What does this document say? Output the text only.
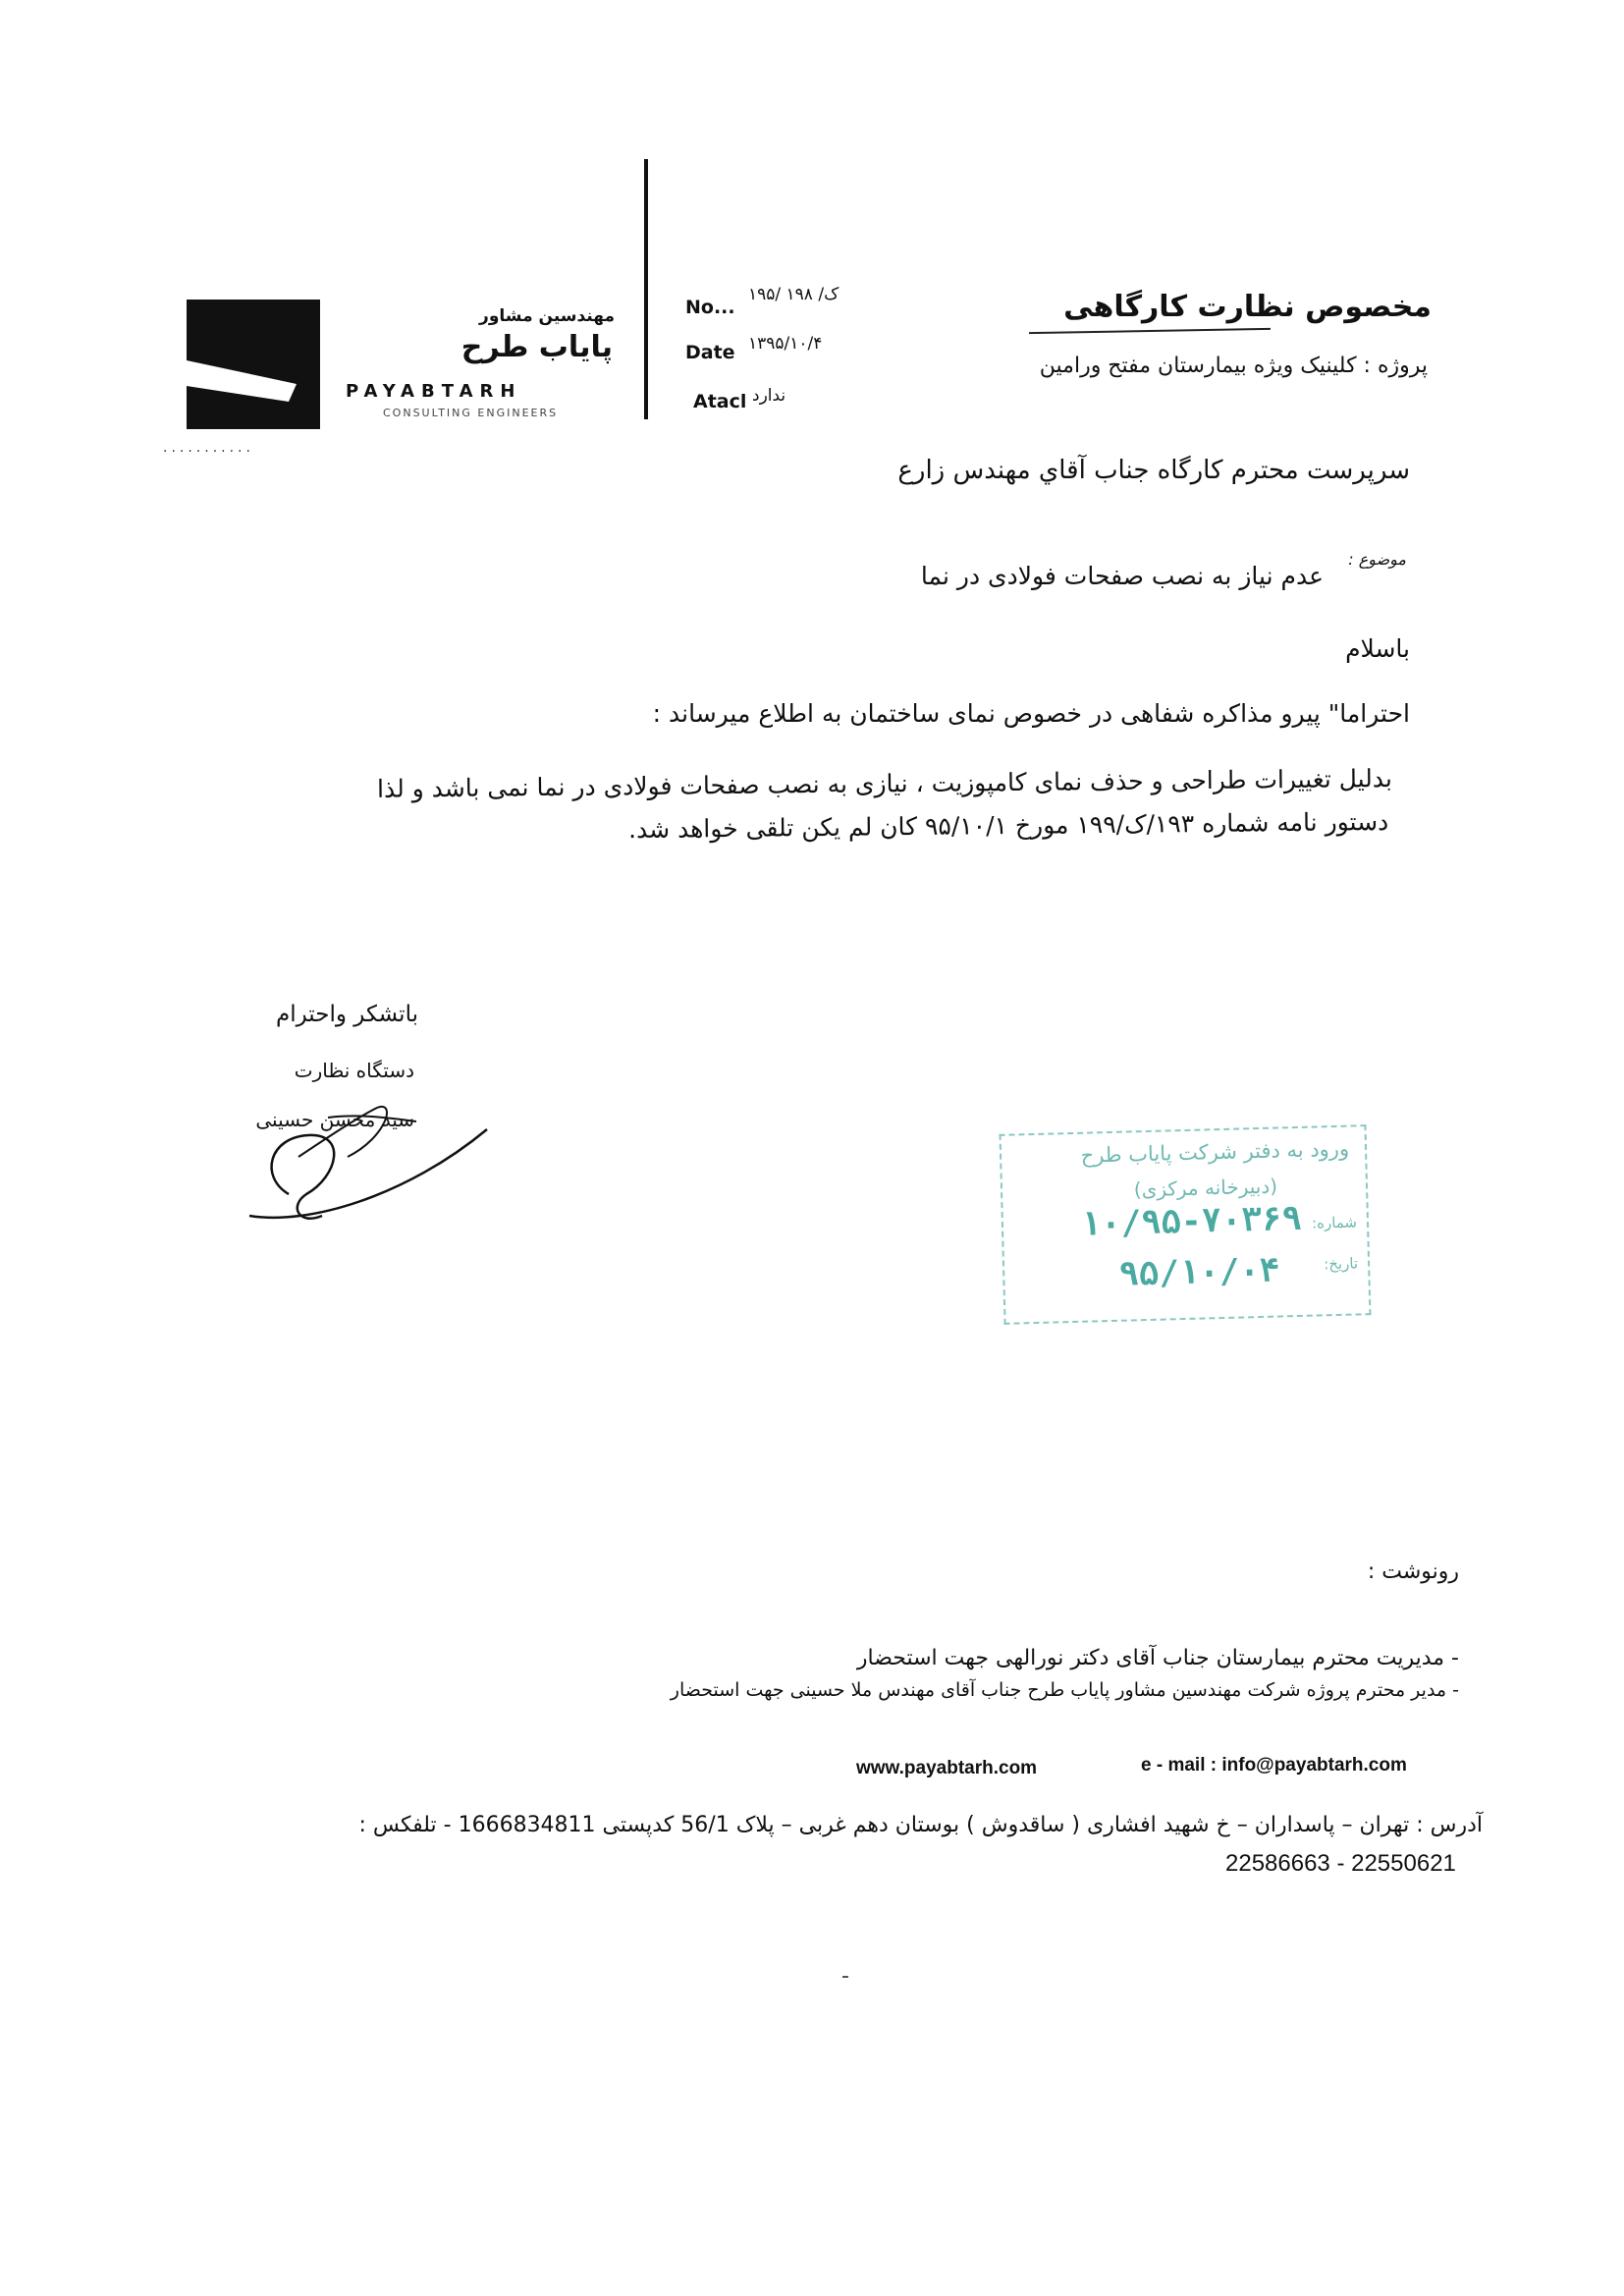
مهندسین مشاور
پایاب طرح
PAYABTARH
CONSULTING ENGINEERS
...........
No...
۱۹۵/ ک/ ۱۹۸
Date ۱۳۹۵/۱۰/۴
Atacl ندارد
مخصوص نظارت کارگاهی
پروژه : کلینیک ویژه بیمارستان مفتح ورامین
سرپرست محترم کارگاه جناب آقاي مهندس زارع
موضوع :
عدم نیاز به نصب صفحات فولادی در نما
باسلام
احتراما" پیرو مذاکره شفاهی در خصوص نمای ساختمان به اطلاع میرساند :
بدلیل تغییرات طراحی و حذف نمای کامپوزیت ، نیازی به نصب صفحات فولادی در نما نمی باشد و لذا
دستور نامه شماره ۱۹۳/ک/۱۹۹ مورخ ۹۵/۱۰/۱ کان لم یکن تلقی خواهد شد.
باتشکر واحترام
دستگاه نظارت
سید محسن حسینی
ورود به دفتر شرکت پایاب طرح
(دبیرخانه مرکزی)
شماره:
۱۰/۹۵-۷۰۳۶۹
تاریخ:
۹۵/۱۰/۰۴
رونوشت :
- مدیریت محترم بیمارستان جناب آقای دکتر نورالهی جهت استحضار
- مدیر محترم پروژه شرکت مهندسین مشاور پایاب طرح جناب آقای مهندس ملا حسینی جهت استحضار
www.payabtarh.com	e - mail : info@payabtarh.com
آدرس : تهران – پاسداران – خ شهید افشاری ( ساقدوش ) بوستان دهم غربی – پلاک 56/1 کدپستی 1666834811 - تلفکس :
22586663 - 22550621
